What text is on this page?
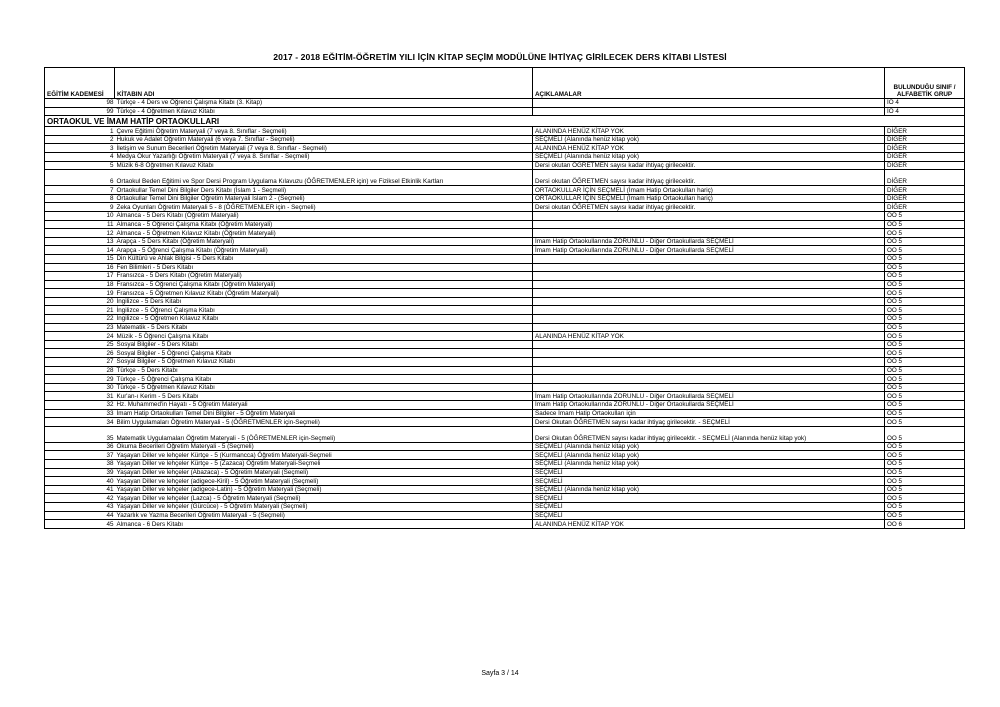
2017 - 2018 EĞİTİM-ÖĞRETİM YILI İÇİN KİTAP SEÇİM MODÜLÜNE İHTİYAÇ GİRİLECEK DERS KİTABI LİSTESİ
EĞİTİM KADEMESİ	KİTABIN ADI	AÇIKLAMALAR	BULUNDUĞU SINIF / ALFABETİK GRUP
98	Türkçe - 4 Ders ve Öğrenci Çalışma Kitabı (3. Kitap)		İO 4
99	Türkçe - 4 Öğretmen Kılavuz Kitabı		İO 4
ORTAOKUL VE İMAM HATİP ORTAOKULLARI			
1	Çevre Eğitimi Öğretim Materyali (7 veya 8. Sınıflar - Seçmeli)	ALANINDA HENÜZ KİTAP YOK	DİĞER
2	Hukuk ve Adalet Öğretim Materyali (6 veya 7. Sınıflar - Seçmeli)	SEÇMELİ (Alanında henüz kitap yok)	DİĞER
3	İletişim ve Sunum Becerileri Öğretim Materyali (7 veya 8. Sınıflar - Seçmeli)	ALANINDA HENÜZ KİTAP YOK	DİĞER
4	Medya Okur Yazarlığı Öğretim Materyali (7 veya 8. Sınıflar - Seçmeli)	SEÇMELİ (Alanında henüz kitap yok)	DİĞER
5	Müzik 6-8 Öğretmen Kılavuz Kitabı	Dersi okutan ÖĞRETMEN sayısı kadar ihtiyaç girilecektir.	DİĞER
6	Ortaokul Beden Eğitimi ve Spor Dersi Program Uygulama Kılavuzu (ÖĞRETMENLER için) ve Fiziksel Etkinlik Kartları	Dersi okutan ÖĞRETMEN sayısı kadar ihtiyaç girilecektir.	DİĞER
7	Ortaokullar Temel Dini Bilgiler Ders Kitabı (İslam 1 - Seçmeli)	ORTAOKULLAR İÇİN SEÇMELİ (İmam Hatip Ortaokulları hariç)	DİĞER
8	Ortaokullar Temel Dini Bilgiler Öğretim Materyali İslam 2 - (Seçmeli)	ORTAOKULLAR İÇİN SEÇMELİ (İmam Hatip Ortaokulları hariç)	DİĞER
9	Zeka Oyunları Öğretim Materyali 5 - 8 (ÖĞRETMENLER için - Seçmeli)	Dersi okutan ÖĞRETMEN sayısı kadar ihtiyaç girilecektir.	DİĞER
10	Almanca - 5 Ders Kitabı (Öğretim Materyali)		OO 5
11	Almanca - 5 Öğrenci Çalışma Kitabı (Öğretim Materyali)		OO 5
12	Almanca - 5 Öğretmen Kılavuz Kitabı (Öğretim Materyali)		OO 5
13	Arapça - 5 Ders Kitabı (Öğretim Materyali)	İmam Hatip Ortaokullarında ZORUNLU - Diğer Ortaokullarda SEÇMELİ	OO 5
14	Arapça - 5 Öğrenci Çalışma Kitabı (Öğretim Materyali)	İmam Hatip Ortaokullarında ZORUNLU - Diğer Ortaokullarda SEÇMELİ	OO 5
15	Din Kültürü ve Ahlak Bilgisi - 5 Ders Kitabı		OO 5
16	Fen Bilimleri - 5 Ders Kitabı		OO 5
17	Fransızca - 5 Ders Kitabı (Öğretim Materyali)		OO 5
18	Fransızca - 5 Öğrenci Çalışma Kitabı (Öğretim Materyali)		OO 5
19	Fransızca - 5 Öğretmen Kılavuz Kitabı (Öğretim Materyali)		OO 5
20	İngilizce - 5 Ders Kitabı		OO 5
21	İngilizce - 5 Öğrenci Çalışma Kitabı		OO 5
22	İngilizce - 5 Öğretmen Kılavuz Kitabı		OO 5
23	Matematik - 5 Ders Kitabı		OO 5
24	Müzik - 5 Öğrenci Çalışma Kitabı	ALANINDA HENÜZ KİTAP YOK	OO 5
25	Sosyal Bilgiler - 5 Ders Kitabı		OO 5
26	Sosyal Bilgiler - 5 Öğrenci Çalışma Kitabı		OO 5
27	Sosyal Bilgiler - 5 Öğretmen Kılavuz Kitabı		OO 5
28	Türkçe - 5 Ders Kitabı		OO 5
29	Türkçe - 5 Öğrenci Çalışma Kitabı		OO 5
30	Türkçe - 5 Öğretmen Kılavuz Kitabı		OO 5
31	Kur'an-ı Kerim - 5 Ders Kitabı	İmam Hatip Ortaokullarında ZORUNLU - Diğer Ortaokullarda SEÇMELİ	OO 5
32	Hz. Muhammed'in Hayatı - 5 Öğretim Materyali	İmam Hatip Ortaokullarında ZORUNLU - Diğer Ortaokullarda SEÇMELİ	OO 5
33	İmam Hatip Ortaokulları Temel Dini Bilgiler - 5 Öğretim Materyali	Sadece İmam Hatip Ortaokulları için	OO 5
34	Bilim Uygulamaları Öğretim Materyali - 5 (ÖĞRETMENLER için-Seçmeli)	Dersi Okutan ÖĞRETMEN sayısı kadar ihtiyaç girilecektir. - SEÇMELİ	OO 5
35	Matematik Uygulamaları Öğretim Materyali - 5 (ÖĞRETMENLER için-Seçmeli)	Dersi Okutan ÖĞRETMEN sayısı kadar ihtiyaç girilecektir. - SEÇMELİ (Alanında henüz kitap yok)	OO 5
36	Okuma Becerileri Öğretim Materyali - 5 (Seçmeli)	SEÇMELİ (Alanında henüz kitap yok)	OO 5
37	Yaşayan Diller ve lehçeler Kürtçe - 5 (Kurmancca) Öğretim Materyali-Seçmeli	SEÇMELİ (Alanında henüz kitap yok)	OO 5
38	Yaşayan Diller ve lehçeler Kürtçe - 5 (Zazaca) Öğretim Materyali-Seçmeli	SEÇMELİ (Alanında henüz kitap yok)	OO 5
39	Yaşayan Diller ve lehçeler (Abazaca) - 5 Öğretim Materyali (Seçmeli)	SEÇMELİ	OO 5
40	Yaşayan Diller ve lehçeler (adigece-Kiril) - 5 Öğretim Materyali (Seçmeli)	SEÇMELİ	OO 5
41	Yaşayan Diller ve lehçeler (adigece-Latin) - 5 Öğretim Materyali (Seçmeli)	SEÇMELİ (Alanında henüz kitap yok)	OO 5
42	Yaşayan Diller ve lehçeler (Lazca) - 5 Öğretim Materyali (Seçmeli)	SEÇMELİ	OO 5
43	Yaşayan Diller ve lehçeler (Gürcüce) - 5 Öğretim Materyali (Seçmeli)	SEÇMELİ	OO 5
44	Yazarlık ve Yazma Becerileri Öğretim Materyali - 5 (Seçmeli)	SEÇMELİ	OO 5
45	Almanca - 6 Ders Kitabı	ALANINDA HENÜZ KİTAP YOK	OO 6
Sayfa 3 / 14
